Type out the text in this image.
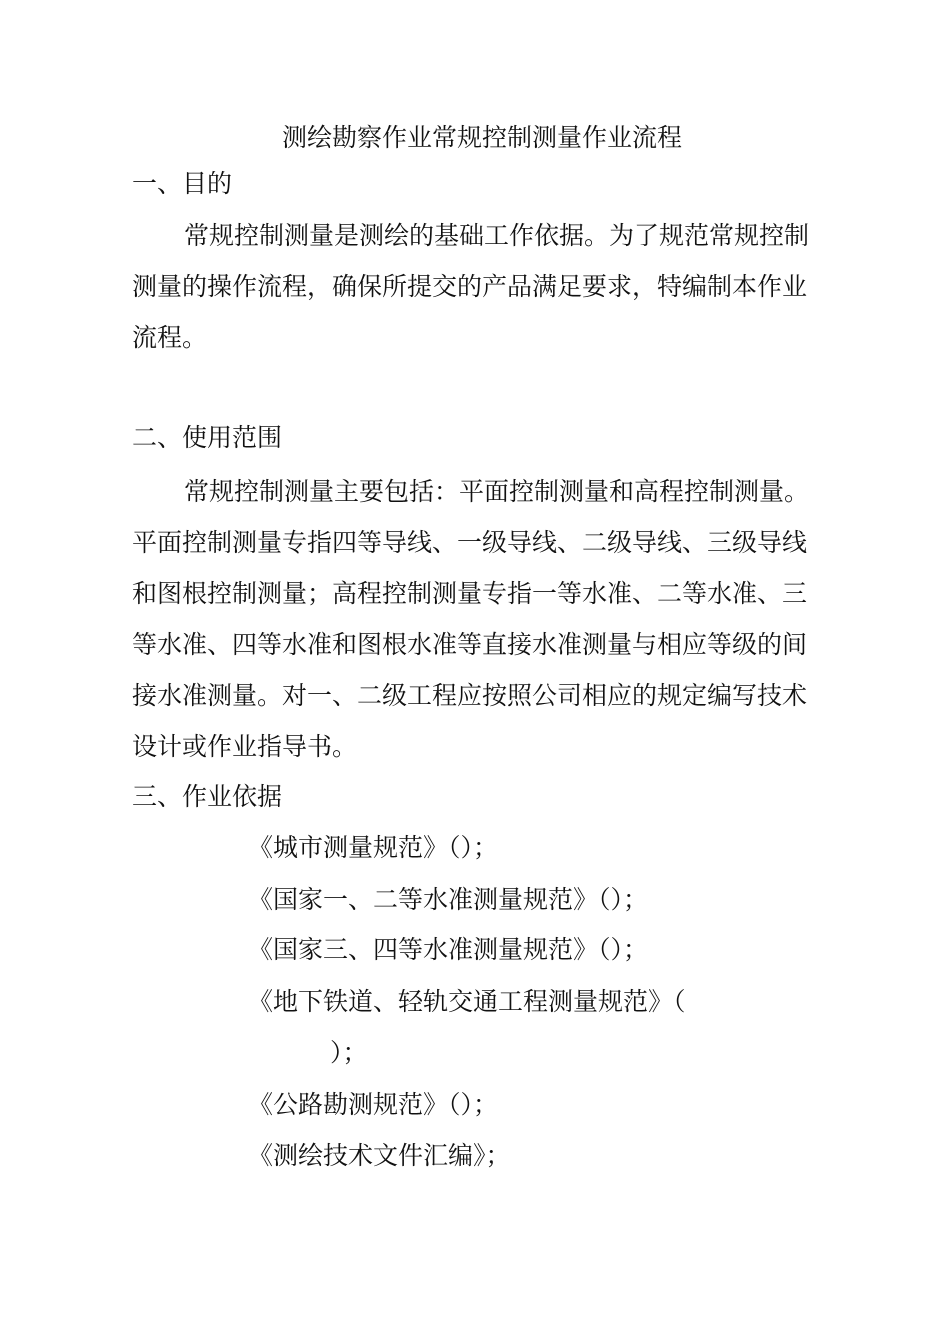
测绘勘察作业常规控制测量作业流程
一、目的
常规控制测量是测绘的基础工作依据。为了规范常规控制
测量的操作流程，确保所提交的产品满足要求，特编制本作业
流程。
二、使用范围
常规控制测量主要包括：平面控制测量和高程控制测量。
平面控制测量专指四等导线、一级导线、二级导线、三级导线
和图根控制测量；高程控制测量专指一等水准、二等水准、三
等水准、四等水准和图根水准等直接水准测量与相应等级的间
接水准测量。对一、二级工程应按照公司相应的规定编写技术
设计或作业指导书。
三、作业依据
《城市测量规范》（）；
《国家一、二等水准测量规范》（）；
《国家三、四等水准测量规范》（）；
《地下铁道、轻轨交通工程测量规范》（
）；
《公路勘测规范》（）；
《测绘技术文件汇编》；
